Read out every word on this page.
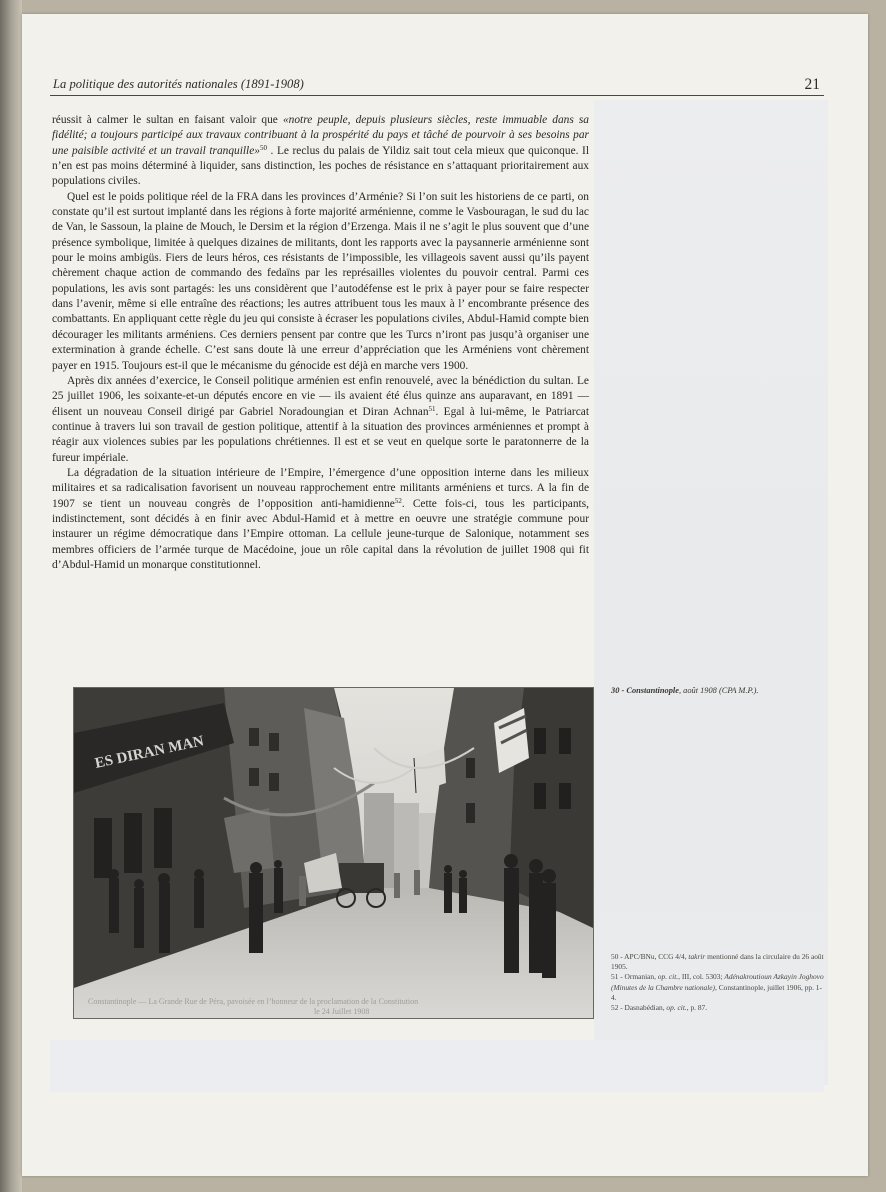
La politique des autorités nationales (1891-1908)	21

réussit à calmer le sultan en faisant valoir que «notre peuple, depuis plusieurs siècles, reste immuable dans sa fidélité; a toujours participé aux travaux contribuant à la prospérité du pays et tâché de pourvoir à ses besoins par une paisible activité et un travail tranquille»$^{50}$ . Le reclus du palais de Yildiz sait tout cela mieux que quiconque. Il n’en est pas moins déterminé à liquider, sans distinction, les poches de résistance en s’attaquant prioritairement aux populations civiles.

Quel est le poids politique réel de la FRA dans les provinces d’Arménie? Si l’on suit les historiens de ce parti, on constate qu’il est surtout implanté dans les régions à forte majorité arménienne, comme le Vasbouragan, le sud du lac de Van, le Sassoun, la plaine de Mouch, le Dersim et la région d’Erzenga. Mais il ne s’agit le plus souvent que d’une présence symbolique, limitée à quelques dizaines de militants, dont les rapports avec la paysannerie arménienne sont pour le moins ambigüs. Fiers de leurs héros, ces résistants de l’impossible, les villageois savent aussi qu’ils payent chèrement chaque action de commando des fedaïns par les représailles violentes du pouvoir central. Parmi ces populations, les avis sont partagés: les uns considèrent que l’autodéfense est le prix à payer pour se faire respecter dans l’avenir, même si elle entraîne des réactions; les autres attribuent tous les maux à l’ encombrante présence des combattants. En appliquant cette règle du jeu qui consiste à écraser les populations civiles, Abdul-Hamid compte bien décourager les militants arméniens. Ces derniers pensent par contre que les Turcs n’iront pas jusqu’à organiser une extermination à grande échelle. C’est sans doute là une erreur d’appréciation que les Arméniens vont chèrement payer en 1915. Toujours est-il que le mécanisme du génocide est déjà en marche vers 1900.

Après dix années d’exercice, le Conseil politique arménien est enfin renouvelé, avec la bénédiction du sultan. Le 25 juillet 1906, les soixante-et-un députés encore en vie — ils avaient été élus quinze ans auparavant, en 1891 — élisent un nouveau Conseil dirigé par Gabriel Noradoungian et Diran Achnan$^{51}$. Egal à lui-même, le Patriarcat continue à travers lui son travail de gestion politique, attentif à la situation des provinces arméniennes et prompt à réagir aux violences subies par les populations chrétiennes. Il est et se veut en quelque sorte le paratonnerre de la fureur impériale.

La dégradation de la situation intérieure de l’Empire, l’émergence d’une opposition interne dans les milieux militaires et sa radicalisation favorisent un nouveau rapprochement entre militants arméniens et turcs. A la fin de 1907 se tient un nouveau congrès de l’opposition anti-hamidienne$^{52}$. Cette fois-ci, tous les participants, indistinctement, sont décidés à en finir avec Abdul-Hamid et à mettre en oeuvre une stratégie commune pour instaurer un régime démocratique dans l’Empire ottoman. La cellule jeune-turque de Salonique, notamment ses membres officiers de l’armée turque de Macédoine, joue un rôle capital dans la révolution de juillet 1908 qui fit d’Abdul-Hamid un monarque constitutionnel.

ES DIRAN MAN
Constantinople — La Grande Rue de Péra, pavoisée en l’honneur de la proclamation de la Constitution
le 24 Juillet 1908
30 - Constantinople, août 1908 (CPA M.P.).

50 - APC/BNu, CCG 4/4, takrir mentionné dans la circulaire du 26 août 1905.

51 - Ormanian, op. cit., III, col. 5303; Adénakroutioun Azkayin Joghovo (Minutes de la Chambre nationale), Constantinople, juillet 1906, pp. 1-4.

52 - Dasnabédian, op. cit., p. 87.
